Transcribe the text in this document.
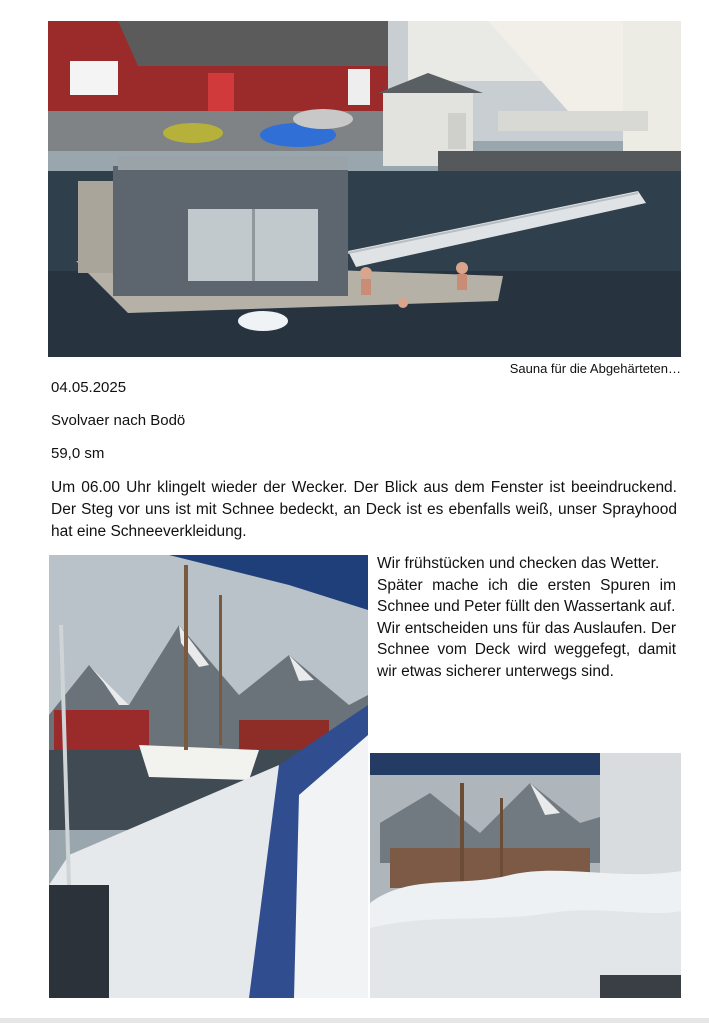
Sauna für die Abgehärteten…
04.05.2025
Svolvaer nach Bodö
59,0 sm
Um 06.00 Uhr klingelt wieder der Wecker. Der Blick aus dem Fenster ist beeindruckend. Der Steg vor uns ist mit Schnee bedeckt, an Deck ist es ebenfalls weiß, unser Sprayhood hat eine Schneeverkleidung.

Wir frühstücken und checken das Wetter.

Später mache ich die ersten Spuren im Schnee und Peter füllt den Wassertank auf.

Wir entscheiden uns für das Auslaufen. Der Schnee vom Deck wird weggefegt, damit wir etwas sicherer unterwegs sind.
